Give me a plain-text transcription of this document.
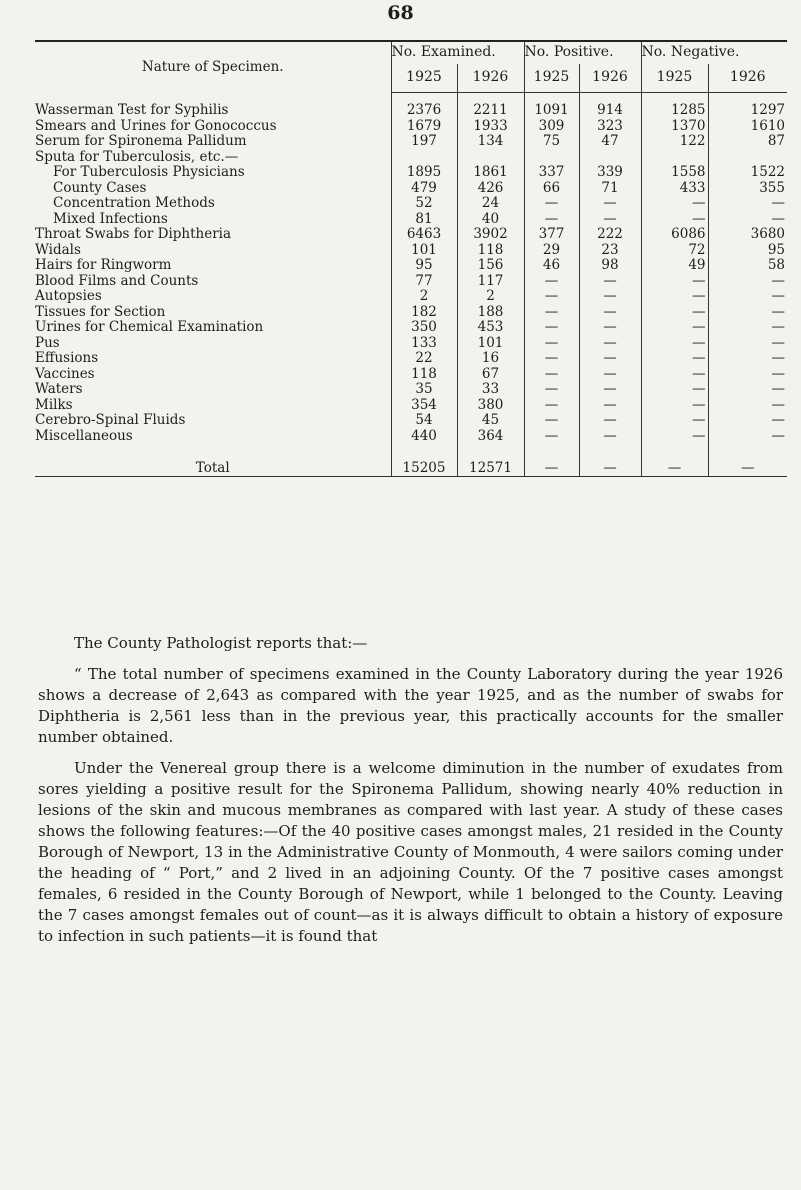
68
Nature of Specimen.	No. Examined.		No. Positive.		No. Negative.	
	1925	1926	1925	1926	1925	1926

Wasserman Test for Syphilis	2376	2211	1091	914	1285	1297
Smears and Urines for Gonococcus	1679	1933	309	323	1370	1610
Serum for Spironema Pallidum	197	134	75	47	122	87
Sputa for Tuberculosis, etc.—						
For Tuberculosis Physicians	1895	1861	337	339	1558	1522
County Cases	479	426	66	71	433	355
Concentration Methods	52	24	—	—	—	—
Mixed Infections	81	40	—	—	—	—
Throat Swabs for Diphtheria	6463	3902	377	222	6086	3680
Widals	101	118	29	23	72	95
Hairs for Ringworm	95	156	46	98	49	58
Blood Films and Counts	77	117	—	—	—	—
Autopsies	2	2	—	—	—	—
Tissues for Section	182	188	—	—	—	—
Urines for Chemical Examination	350	453	—	—	—	—
Pus	133	101	—	—	—	—
Effusions	22	16	—	—	—	—
Vaccines	118	67	—	—	—	—
Waters	35	33	—	—	—	—
Milks	354	380	—	—	—	—
Cerebro-Spinal Fluids	54	45	—	—	—	—
Miscellaneous	440	364	—	—	—	—

Total	15205	12571	—	—	—	—

The County Pathologist reports that:—

“ The total number of specimens examined in the County Laboratory during the year 1926 shows a decrease of 2,643 as compared with the year 1925, and as the number of swabs for Diphtheria is 2,561 less than in the previous year, this practically accounts for the smaller number obtained.

Under the Venereal group there is a welcome diminution in the number of exudates from sores yielding a positive result for the Spironema Pallidum, showing nearly 40% reduction in lesions of the skin and mucous membranes as compared with last year. A study of these cases shows the following features:—Of the 40 positive cases amongst males, 21 resided in the County Borough of Newport, 13 in the Administrative County of Monmouth, 4 were sailors coming under the heading of “ Port,” and 2 lived in an adjoining County. Of the 7 positive cases amongst females, 6 resided in the County Borough of Newport, while 1 belonged to the County. Leaving the 7 cases amongst females out of count—as it is always difficult to obtain a history of exposure to infection in such patients—it is found that
